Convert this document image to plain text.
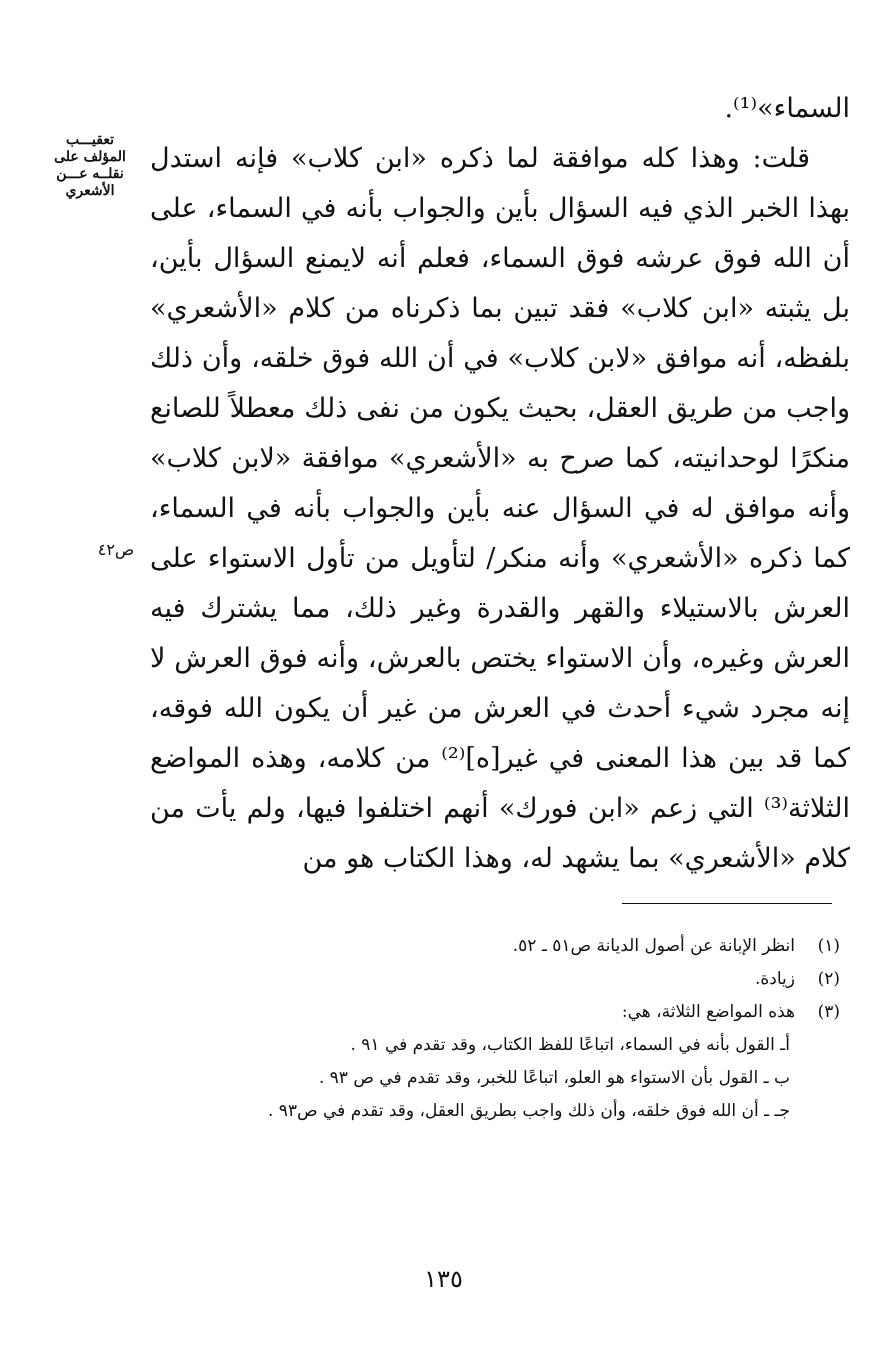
تعقيـــب
المؤلف على
نقلــه عـــن
الأشعري
ص٤٢

السماء»⁽¹⁾.

قلت: وهذا كله موافقة لما ذكره «ابن كلاب» فإنه استدل بهذا الخبر الذي فيه السؤال بأين والجواب بأنه في السماء، على أن الله فوق عرشه فوق السماء، فعلم أنه لايمنع السؤال بأين، بل يثبته «ابن كلاب» فقد تبين بما ذكرناه من كلام «الأشعري» بلفظه، أنه موافق «لابن كلاب» في أن الله فوق خلقه، وأن ذلك واجب من طريق العقل، بحيث يكون من نفى ذلك معطلاً للصانع منكرًا لوحدانيته، كما صرح به «الأشعري» موافقة «لابن كلاب» وأنه موافق له في السؤال عنه بأين والجواب بأنه في السماء، كما ذكره «الأشعري» وأنه منكر/ لتأويل من تأول الاستواء على العرش بالاستيلاء والقهر والقدرة وغير ذلك، مما يشترك فيه العرش وغيره، وأن الاستواء يختص بالعرش، وأنه فوق العرش لا إنه مجرد شيء أحدث في العرش من غير أن يكون الله فوقه، كما قد بين هذا المعنى في غير[ه]⁽²⁾ من كلامه، وهذه المواضع الثلاثة⁽³⁾ التي زعم «ابن فورك» أنهم اختلفوا فيها، ولم يأت من كلام «الأشعري» بما يشهد له، وهذا الكتاب هو من

(١)
انظر الإبانة عن أصول الديانة ص٥١ ـ ٥٢.
(٢)
زيادة.
(٣)
هذه المواضع الثلاثة، هي:
أـ القول بأنه في السماء، اتباعًا للفظ الكتاب، وقد تقدم في ٩١ .
ب ـ القول بأن الاستواء هو العلو، اتباعًا للخبر، وقد تقدم في ص ٩٣ .
جـ ـ أن الله فوق خلقه، وأن ذلك واجب بطريق العقل، وقد تقدم في ص٩٣ .
١٣٥
